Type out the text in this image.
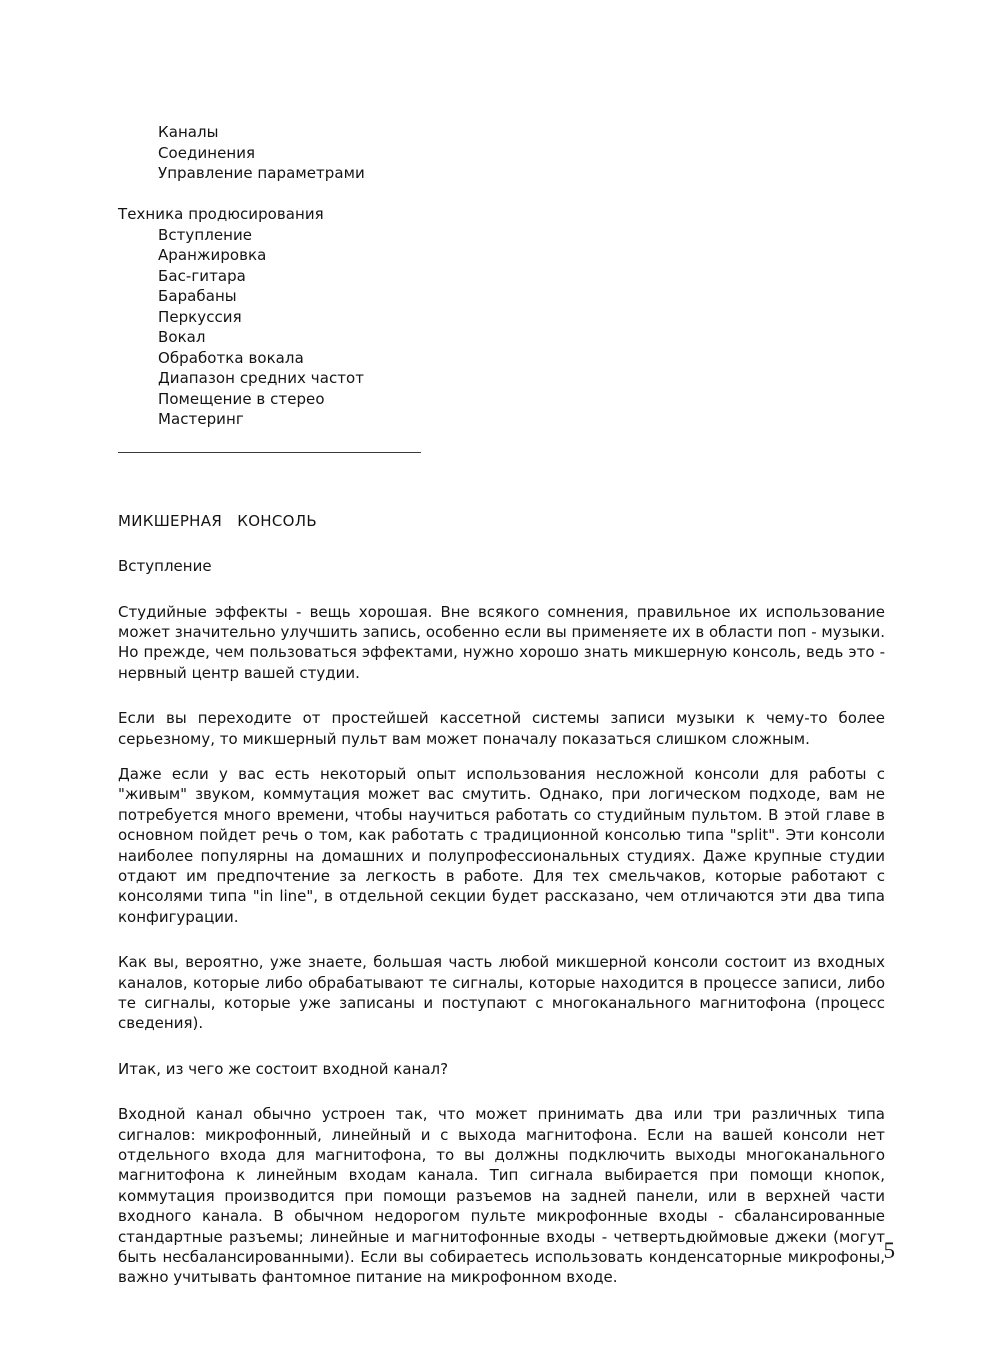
Каналы
Соединения
Управление параметрами
Техника продюсирования
Вступление
Аранжировка
Бас-гитара
Барабаны
Перкуссия
Вокал
Обработка вокала
Диапазон средних частот
Помещение в стерео
Мастеринг
МИКШЕРНАЯ   КОНСОЛЬ
Вступление

Студийные эффекты - вещь хорошая. Вне всякого сомнения, правильное их использование может значительно улучшить запись, особенно если вы применяете их в области поп - музыки. Но прежде, чем пользоваться эффектами, нужно хорошо знать микшерную консоль, ведь это - нервный центр вашей студии.

Если вы переходите от простейшей кассетной системы записи музыки к чему-то более серьезному, то микшерный пульт вам может поначалу показаться слишком сложным.

Даже если у вас есть некоторый опыт использования несложной консоли для работы с "живым" звуком, коммутация может вас смутить. Однако, при логическом подходе, вам не потребуется много времени, чтобы научиться работать со студийным пультом. В этой главе в основном пойдет речь о том, как работать с традиционной консолью типа "split". Эти консоли наиболее популярны на домашних и полупрофессиональных студиях. Даже крупные студии отдают им предпочтение за легкость в работе. Для тех смельчаков, которые работают с консолями типа "in line", в отдельной секции будет рассказано, чем отличаются эти два типа конфигурации.

Как вы, вероятно, уже знаете, большая часть любой микшерной консоли состоит из входных каналов, которые либо обрабатывают те сигналы, которые находится в процессе записи, либо те сигналы, которые уже записаны и поступают с многоканального магнитофона (процесс сведения).

Итак, из чего же состоит входной канал?

Входной канал обычно устроен так, что может принимать два или три различных типа сигналов: микрофонный, линейный и с выхода магнитофона. Если на вашей консоли нет отдельного входа для магнитофона, то вы должны подключить выходы многоканального магнитофона к линейным входам канала. Тип сигнала выбирается при помощи кнопок, коммутация производится при помощи разъемов на задней панели, или в верхней части входного канала. В обычном недорогом пульте микрофонные входы - сбалансированные стандартные разъемы; линейные и магнитофонные входы - четвертьдюймовые джеки (могут быть несбалансированными). Если вы собираетесь использовать конденсаторные микрофоны, важно учитывать фантомное питание на микрофонном входе.

5
